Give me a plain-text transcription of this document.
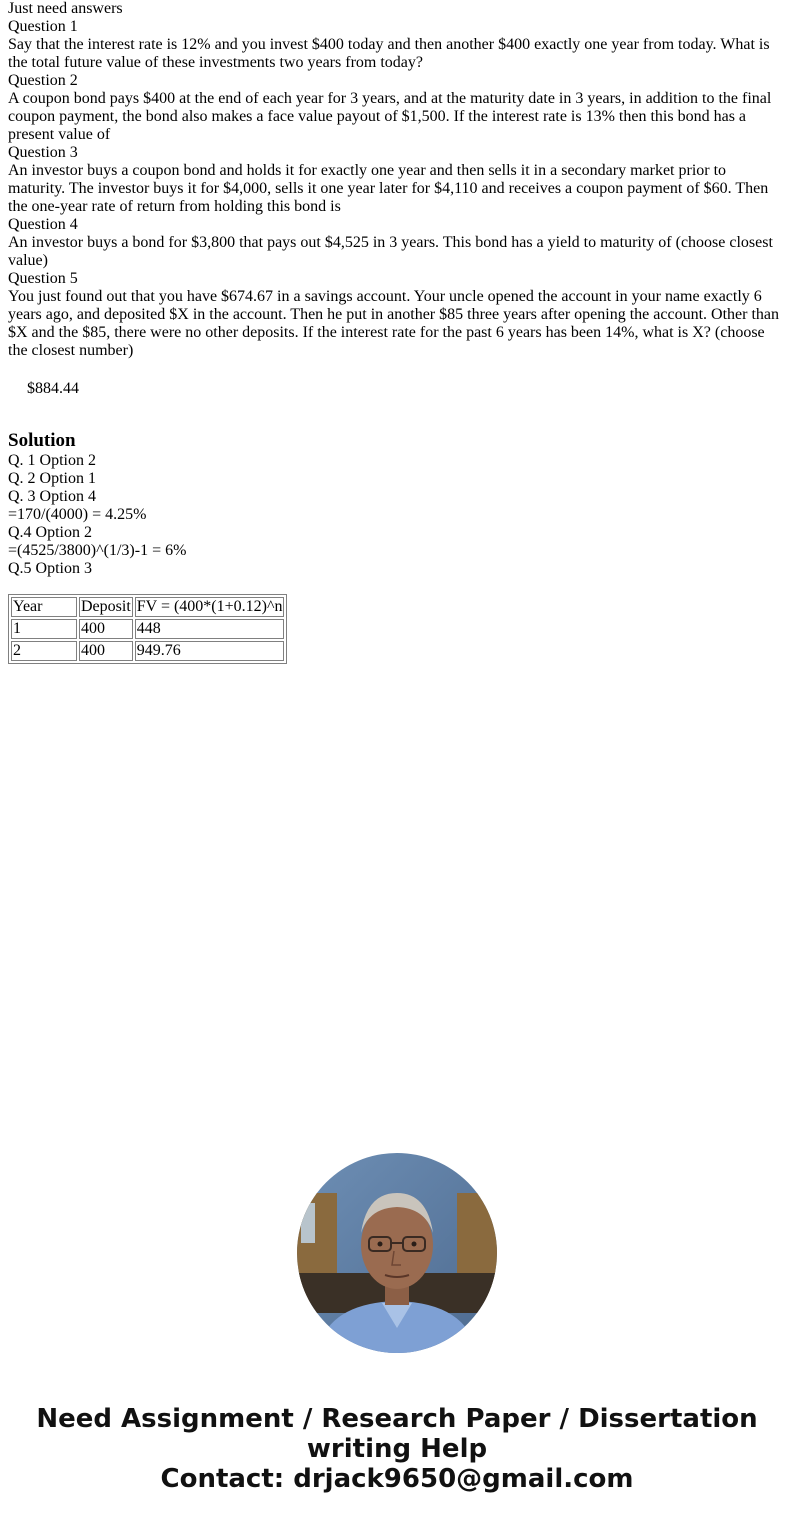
Just need answers

Question 1

Say that the interest rate is 12% and you invest $400 today and then another $400 exactly one year from today. What is the total future value of these investments two years from today?

Question 2

A coupon bond pays $400 at the end of each year for 3 years, and at the maturity date in 3 years, in addition to the final coupon payment, the bond also makes a face value payout of $1,500. If the interest rate is 13% then this bond has a present value of

Question 3

An investor buys a coupon bond and holds it for exactly one year and then sells it in a secondary market prior to maturity. The investor buys it for $4,000, sells it one year later for $4,110 and receives a coupon payment of $60. Then the one-year rate of return from holding this bond is

Question 4

An investor buys a bond for $3,800 that pays out $4,525 in 3 years. This bond has a yield to maturity of (choose closest value)

Question 5

You just found out that you have $674.67 in a savings account. Your uncle opened the account in your name exactly 6 years ago, and deposited $X in the account. Then he put in another $85 three years after opening the account. Other than $X and the $85, there were no other deposits. If the interest rate for the past 6 years has been 14%, what is X? (choose the closest number)

$884.44

Solution

Q. 1 Option 2

Q. 2 Option 1

Q. 3 Option 4

=170/(4000) = 4.25%

Q.4 Option 2

=(4525/3800)^(1/3)-1 = 6%

Q.5 Option 3

Year	Deposit	FV = (400*(1+0.12)^n
1	400	448
2	400	949.76
Need Assignment / Research Paper / Dissertation
writing Help
Contact: drjack9650@gmail.com
